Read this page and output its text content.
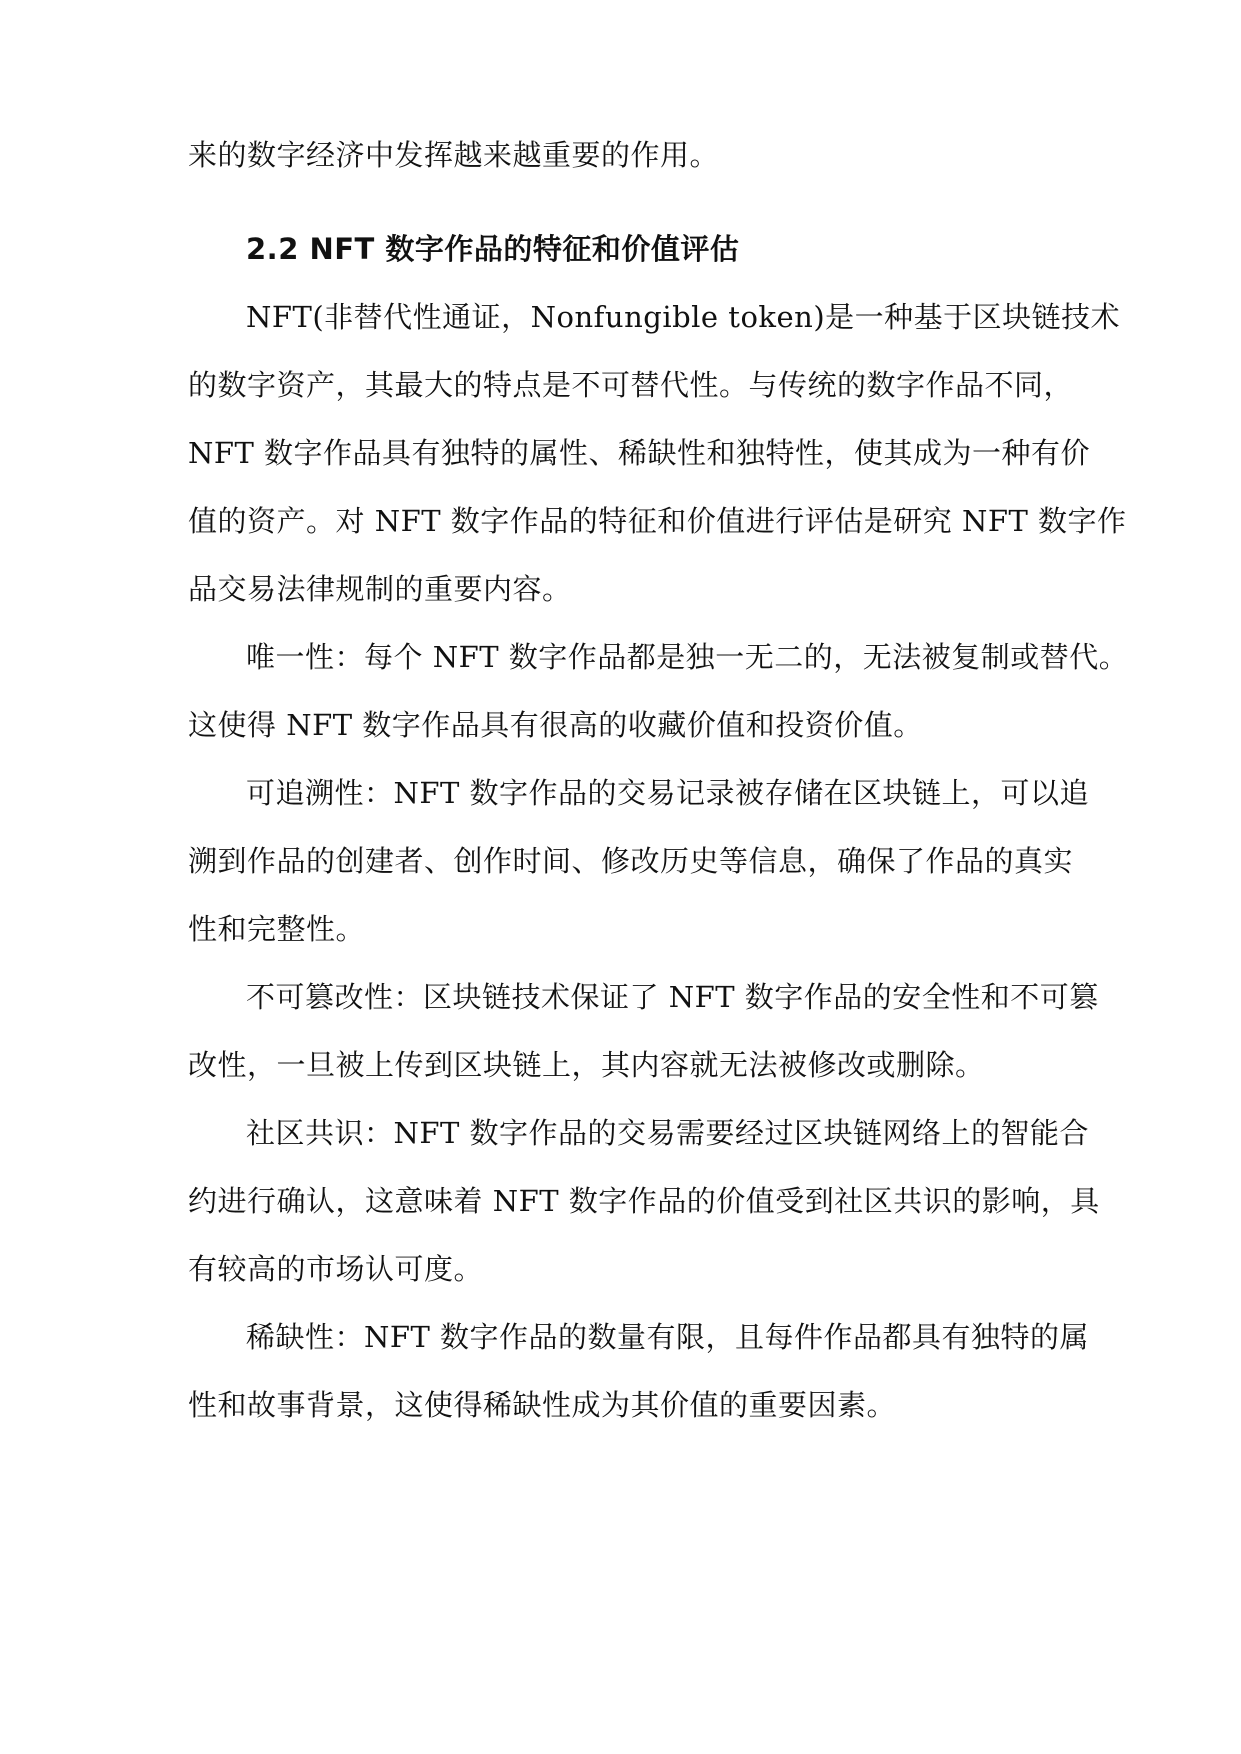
来的数字经济中发挥越来越重要的作用。
2.2 NFT 数字作品的特征和价值评估
NFT(非替代性通证，Nonfungible token)是一种基于区块链技术
的数字资产，其最大的特点是不可替代性。与传统的数字作品不同，
NFT 数字作品具有独特的属性、稀缺性和独特性，使其成为一种有价
值的资产。对 NFT 数字作品的特征和价值进行评估是研究 NFT 数字作
品交易法律规制的重要内容。
唯一性：每个 NFT 数字作品都是独一无二的，无法被复制或替代。
这使得 NFT 数字作品具有很高的收藏价值和投资价值。
可追溯性：NFT 数字作品的交易记录被存储在区块链上，可以追
溯到作品的创建者、创作时间、修改历史等信息，确保了作品的真实
性和完整性。
不可篡改性：区块链技术保证了 NFT 数字作品的安全性和不可篡
改性，一旦被上传到区块链上，其内容就无法被修改或删除。
社区共识：NFT 数字作品的交易需要经过区块链网络上的智能合
约进行确认，这意味着 NFT 数字作品的价值受到社区共识的影响，具
有较高的市场认可度。
稀缺性：NFT 数字作品的数量有限，且每件作品都具有独特的属
性和故事背景，这使得稀缺性成为其价值的重要因素。
